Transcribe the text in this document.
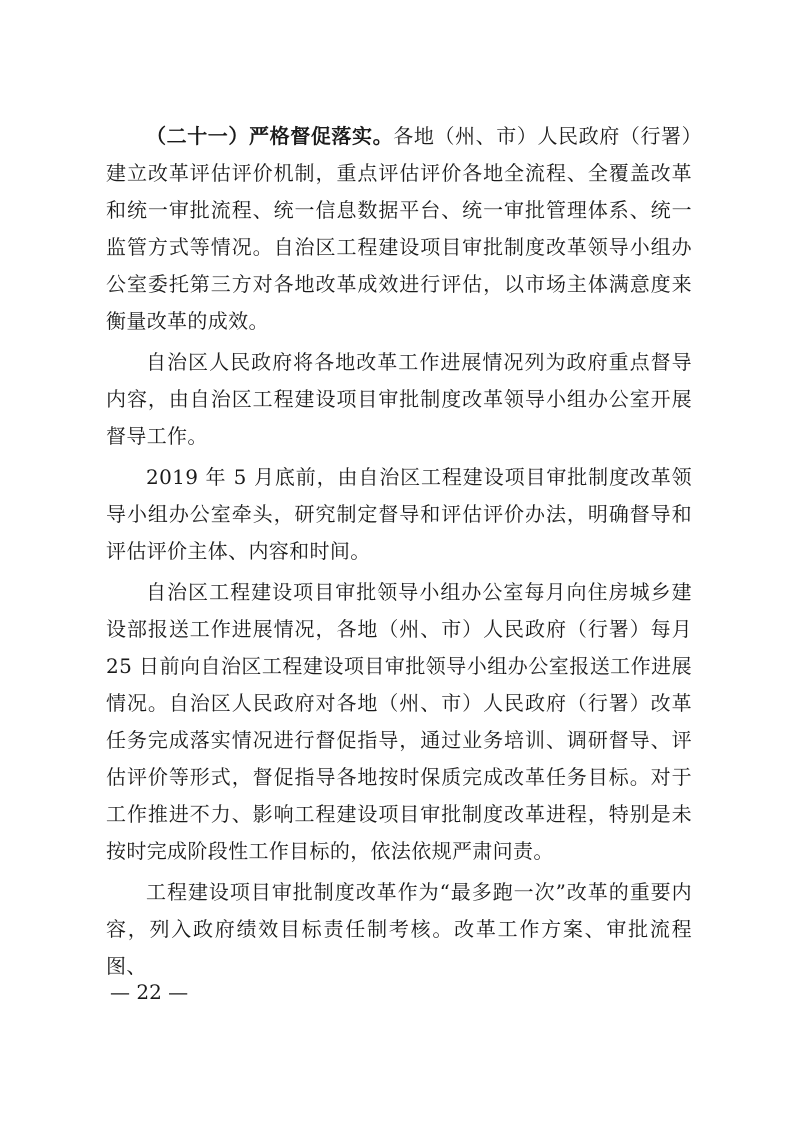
（二十一）严格督促落实。各地（州、市）人民政府（行署）建立改革评估评价机制，重点评估评价各地全流程、全覆盖改革和统一审批流程、统一信息数据平台、统一审批管理体系、统一监管方式等情况。自治区工程建设项目审批制度改革领导小组办公室委托第三方对各地改革成效进行评估，以市场主体满意度来衡量改革的成效。

自治区人民政府将各地改革工作进展情况列为政府重点督导内容，由自治区工程建设项目审批制度改革领导小组办公室开展督导工作。

2019 年 5 月底前，由自治区工程建设项目审批制度改革领导小组办公室牵头，研究制定督导和评估评价办法，明确督导和评估评价主体、内容和时间。

自治区工程建设项目审批领导小组办公室每月向住房城乡建设部报送工作进展情况，各地（州、市）人民政府（行署）每月 25 日前向自治区工程建设项目审批领导小组办公室报送工作进展情况。自治区人民政府对各地（州、市）人民政府（行署）改革任务完成落实情况进行督促指导，通过业务培训、调研督导、评估评价等形式，督促指导各地按时保质完成改革任务目标。对于工作推进不力、影响工程建设项目审批制度改革进程，特别是未按时完成阶段性工作目标的，依法依规严肃问责。

工程建设项目审批制度改革作为“最多跑一次”改革的重要内容，列入政府绩效目标责任制考核。改革工作方案、审批流程图、

— 22 —
